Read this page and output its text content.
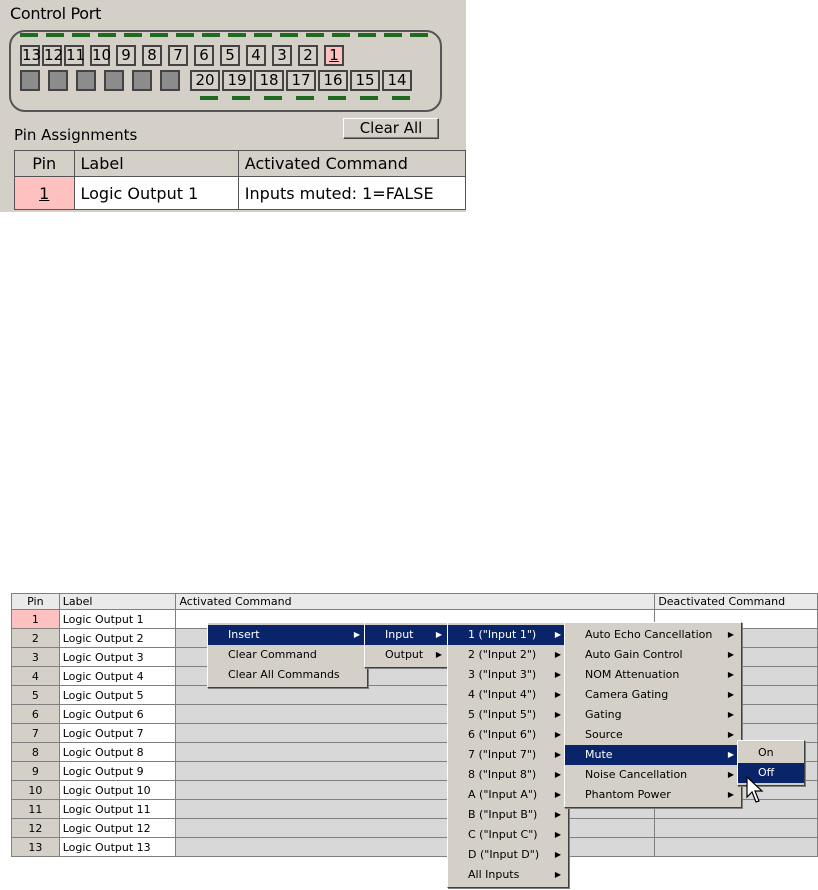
Control Port
13 12 11 10 9	8	7	6	5	4	3	2	1
20 19 18 17 16 15 14
Pin Assignments	Clear All
Pin	Label	Activated Command
1	Logic Output 1	Inputs muted: 1=FALSE
Pin	Label	Activated Command	Deactivated Command
1	Logic Output 1		
2	Logic Output 2		
3	Logic Output 3		
4	Logic Output 4		
5	Logic Output 5		
6	Logic Output 6		
7	Logic Output 7		
8	Logic Output 8		
9	Logic Output 9		
10	Logic Output 10		
11	Logic Output 11		
12	Logic Output 12		
13	Logic Output 13		
Insert	▶
Clear Command
Clear All Commands
Input	▶
Output ▶
1 ("Input 1") ▶
2 ("Input 2") ▶
3 ("Input 3") ▶
4 ("Input 4") ▶
5 ("Input 5") ▶
6 ("Input 6") ▶
7 ("Input 7") ▶
8 ("Input 8") ▶
A ("Input A") ▶
B ("Input B") ▶
C ("Input C") ▶
D ("Input D") ▶
All Inputs	▶
Auto Echo Cancellation ▶
Auto Gain Control	▶
NOM Attenuation	▶
Camera Gating	▶
Gating	▶
Source	▶
Mute	▶
Noise Cancellation	▶
Phantom Power	▶
On
Off
